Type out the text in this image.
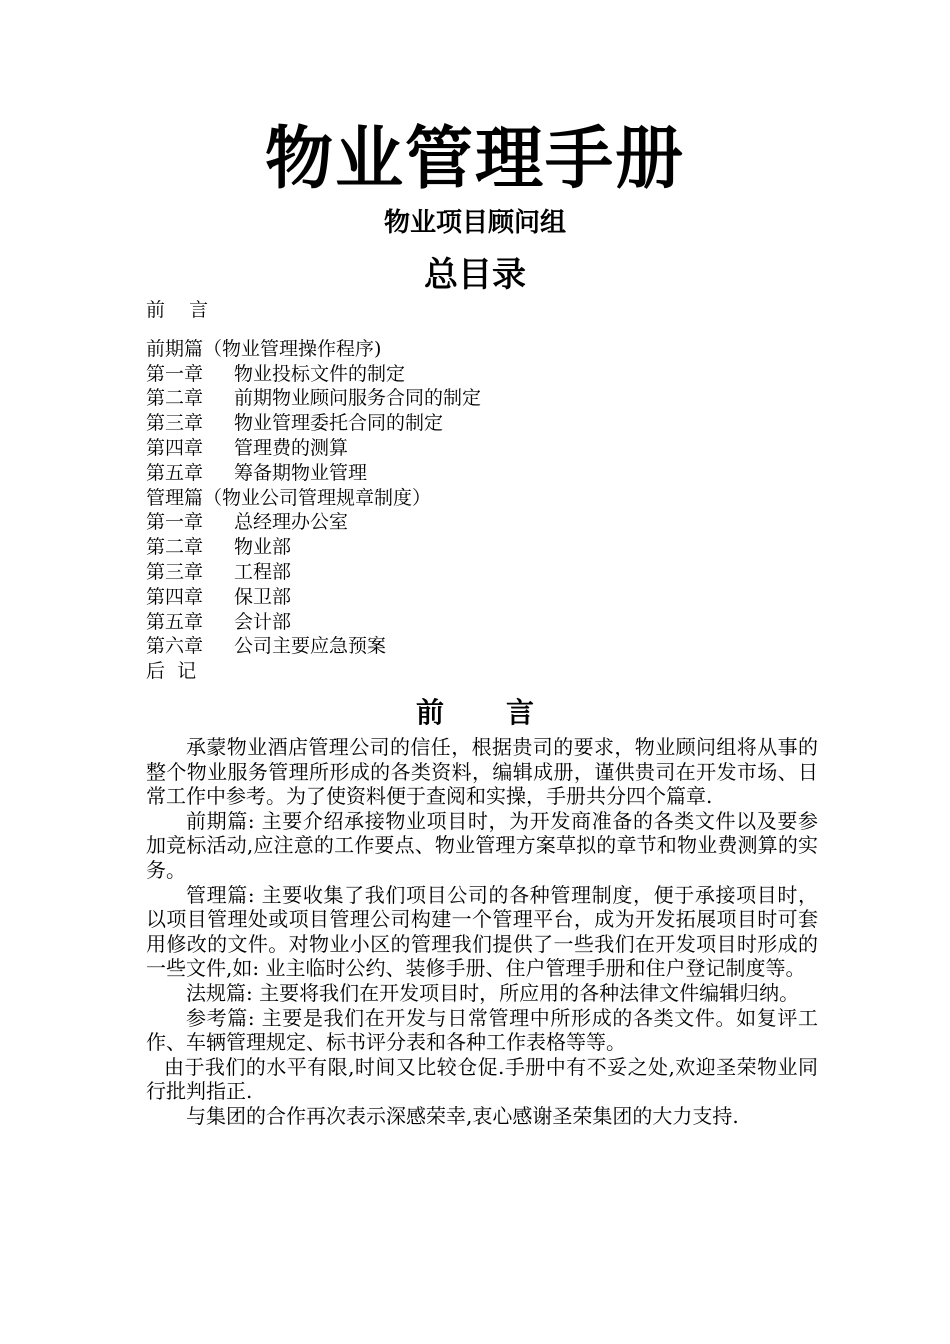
物业管理手册
物业项目顾问组
总目录
前    言
前期篇（物业管理操作程序)
第一章 物业投标文件的制定
第二章 前期物业顾问服务合同的制定
第三章 物业管理委托合同的制定
第四章 管理费的测算
第五章 筹备期物业管理
管理篇（物业公司管理规章制度）
第一章 总经理办公室
第二章 物业部
第三章 工程部
第四章 保卫部
第五章 会计部
第六章 公司主要应急预案
后  记
前 言

承蒙物业酒店管理公司的信任，根据贵司的要求，物业顾问组将从事的整个物业服务管理所形成的各类资料，编辑成册，谨供贵司在开发市场、日常工作中参考。为了使资料便于查阅和实操，手册共分四个篇章.

前期篇: 主要介绍承接物业项目时，为开发商准备的各类文件以及要参加竞标活动,应注意的工作要点、物业管理方案草拟的章节和物业费测算的实务。

管理篇: 主要收集了我们项目公司的各种管理制度，便于承接项目时，以项目管理处或项目管理公司构建一个管理平台，成为开发拓展项目时可套用修改的文件。对物业小区的管理我们提供了一些我们在开发项目时形成的一些文件,如: 业主临时公约、装修手册、住户管理手册和住户登记制度等。

法规篇: 主要将我们在开发项目时，所应用的各种法律文件编辑归纳。

参考篇: 主要是我们在开发与日常管理中所形成的各类文件。如复评工作、车辆管理规定、标书评分表和各种工作表格等等。

由于我们的水平有限,时间又比较仓促.手册中有不妥之处,欢迎圣荣物业同行批判指正.

与集团的合作再次表示深感荣幸,衷心感谢圣荣集团的大力支持.
